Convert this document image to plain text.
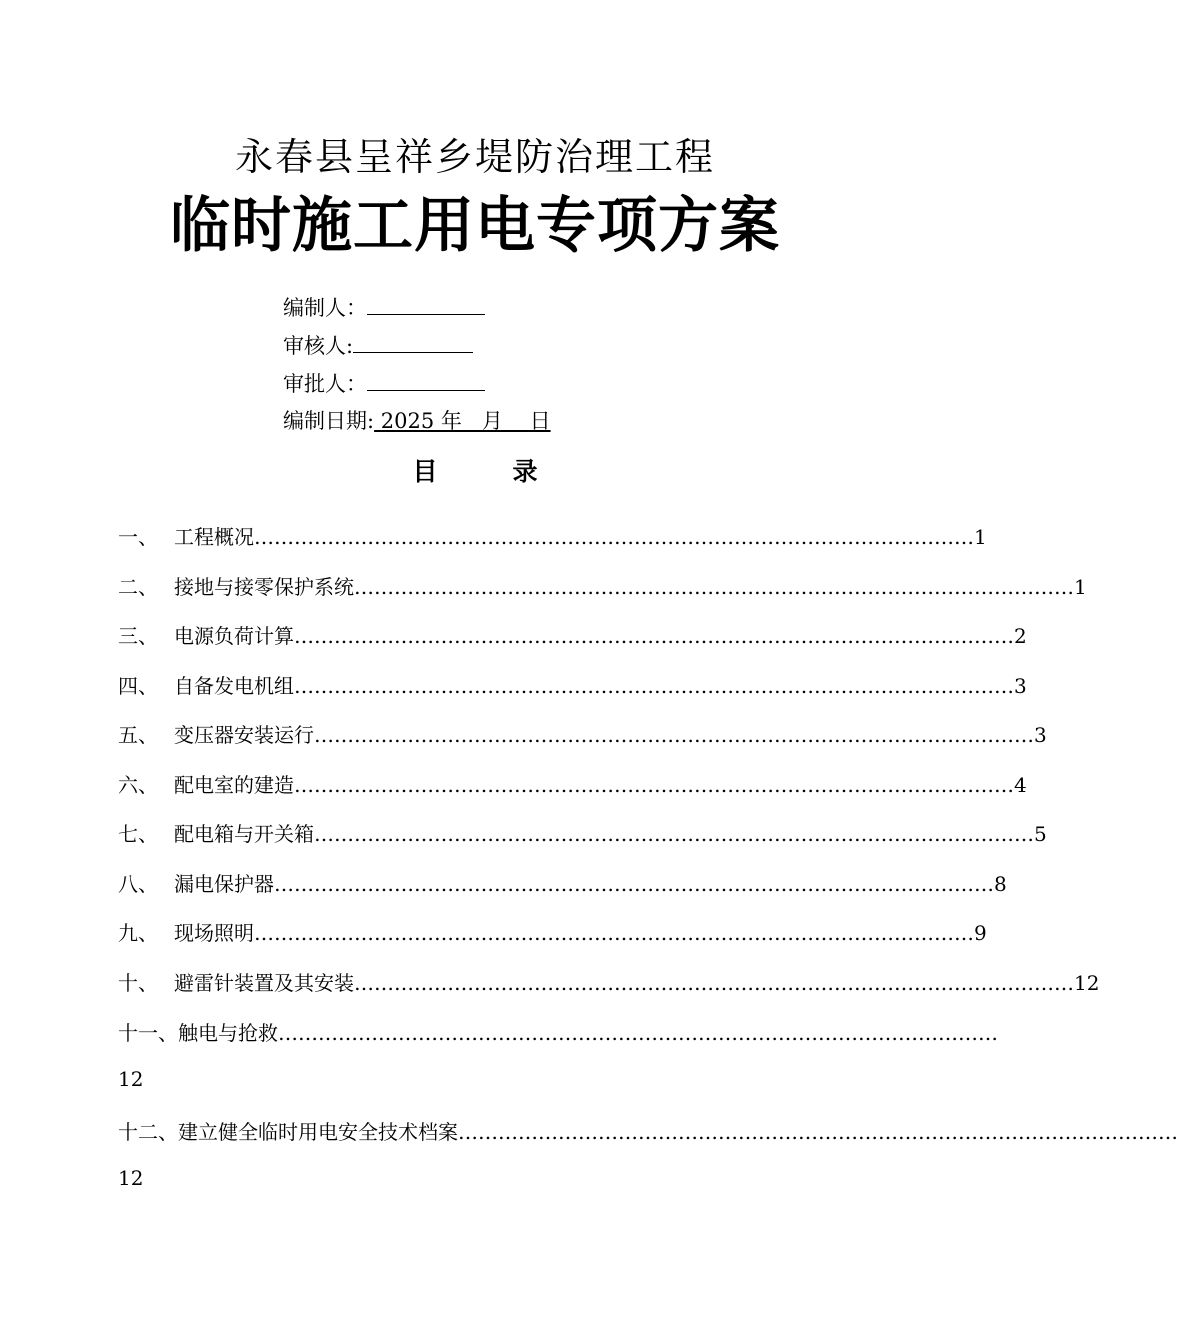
永春县呈祥乡堤防治理工程
临时施工用电专项方案
编制人：
审核人:
审批人：
编制日期: 2025 年   月    日
目　　　录
一、 工程概况 ……………………………………………………………………………………………… 1
二、 接地与接零保护系统 ……………………………………………………………………………………………… 1
三、 电源负荷计算 ……………………………………………………………………………………………… 2
四、 自备发电机组 ……………………………………………………………………………………………… 3
五、 变压器安装运行 ……………………………………………………………………………………………… 3
六、 配电室的建造 ……………………………………………………………………………………………… 4
七、 配电箱与开关箱 ……………………………………………………………………………………………… 5
八、 漏电保护器 ……………………………………………………………………………………………… 8
九、 现场照明 ……………………………………………………………………………………………… 9
十、 避雷针装置及其安装 ……………………………………………………………………………………………… 12
十一、 触电与抢救 ………………………………………………………………………………………………
12
十二、 建立健全临时用电安全技术档案 ………………………………………………………………………………………………
12
